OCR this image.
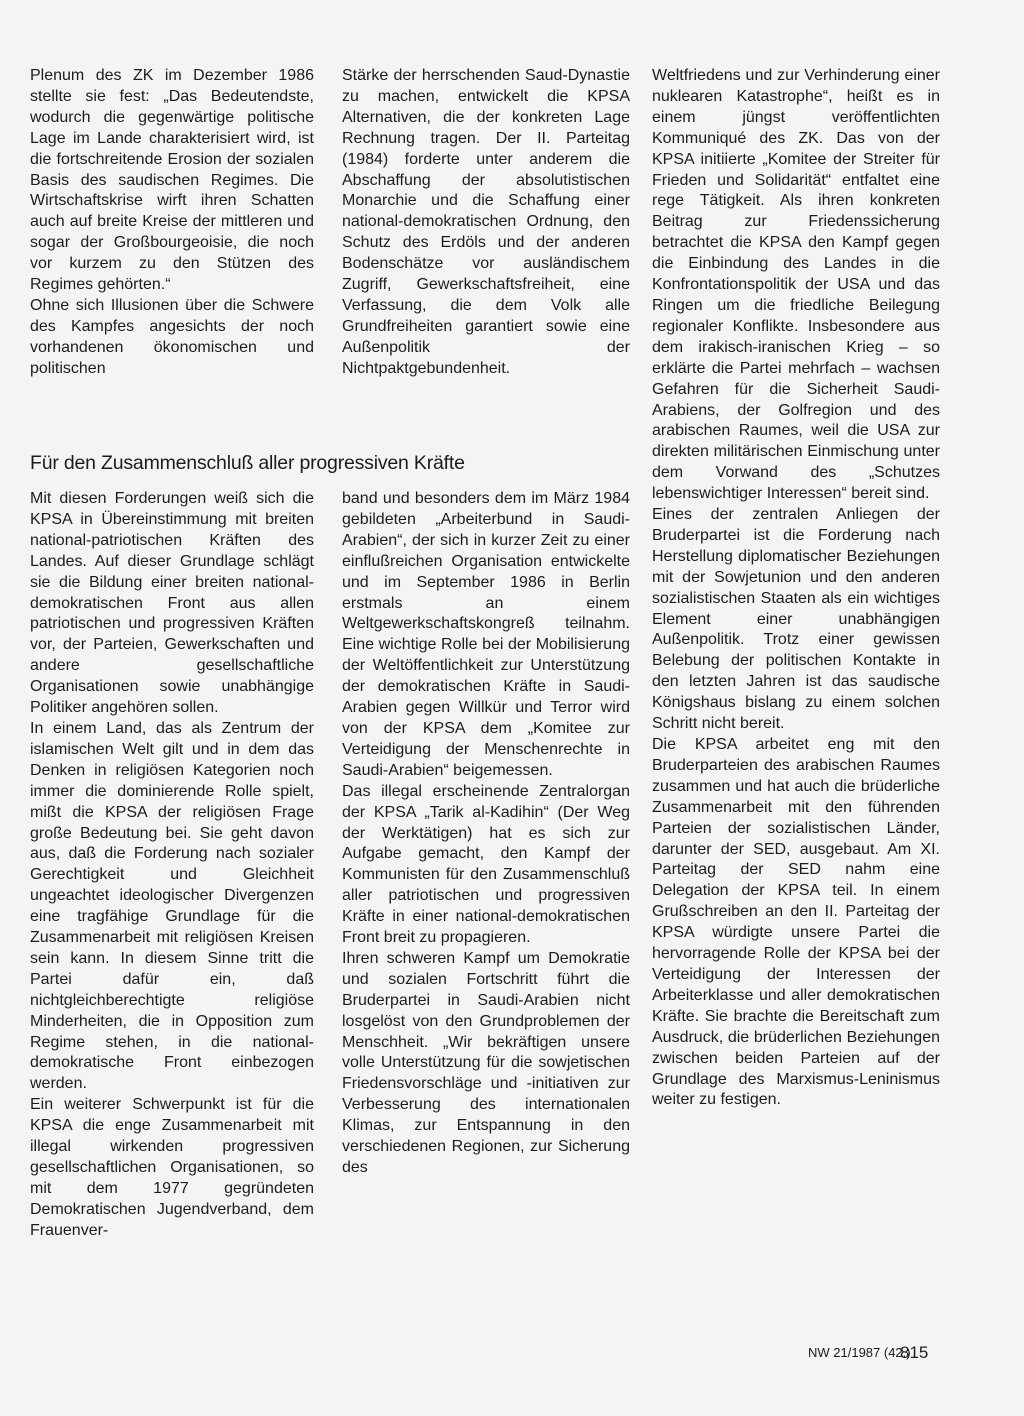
Plenum des ZK im Dezember 1986 stellte sie fest: „Das Bedeutendste, wodurch die gegenwärtige politische Lage im Lande charakterisiert wird, ist die fortschreitende Erosion der sozialen Basis des saudischen Regimes. Die Wirtschaftskrise wirft ihren Schatten auch auf breite Kreise der mittleren und sogar der Großbourgeoisie, die noch vor kurzem zu den Stützen des Regimes gehörten.“

Ohne sich Illusionen über die Schwere des Kampfes angesichts der noch vorhandenen ökonomischen und politischen

Stärke der herrschenden Saud-Dynastie zu machen, entwickelt die KPSA Alternativen, die der konkreten Lage Rechnung tragen. Der II. Parteitag (1984) forderte unter anderem die Abschaffung der absolutistischen Monarchie und die Schaffung einer national-demokratischen Ordnung, den Schutz des Erdöls und der anderen Bodenschätze vor ausländischem Zugriff, Gewerkschaftsfreiheit, eine Verfassung, die dem Volk alle Grundfreiheiten garantiert sowie eine Außenpolitik der Nichtpaktgebundenheit.

Für den Zusammenschluß aller progressiven Kräfte

Mit diesen Forderungen weiß sich die KPSA in Übereinstimmung mit breiten national-patriotischen Kräften des Landes. Auf dieser Grundlage schlägt sie die Bildung einer breiten national-demokratischen Front aus allen patriotischen und progressiven Kräften vor, der Parteien, Gewerkschaften und andere gesellschaftliche Organisationen sowie unabhängige Politiker angehören sollen.

In einem Land, das als Zentrum der islamischen Welt gilt und in dem das Denken in religiösen Kategorien noch immer die dominierende Rolle spielt, mißt die KPSA der religiösen Frage große Bedeutung bei. Sie geht davon aus, daß die Forderung nach sozialer Gerechtigkeit und Gleichheit ungeachtet ideologischer Divergenzen eine tragfähige Grundlage für die Zusammenarbeit mit religiösen Kreisen sein kann. In diesem Sinne tritt die Partei dafür ein, daß nichtgleichberechtigte religiöse Minderheiten, die in Opposition zum Regime stehen, in die national-demokratische Front einbezogen werden.

Ein weiterer Schwerpunkt ist für die KPSA die enge Zusammenarbeit mit illegal wirkenden progressiven gesellschaftlichen Organisationen, so mit dem 1977 gegründeten Demokratischen Jugendverband, dem Frauenver-

band und besonders dem im März 1984 gebildeten „Arbeiterbund in Saudi-Arabien“, der sich in kurzer Zeit zu einer einflußreichen Organisation entwickelte und im September 1986 in Berlin erstmals an einem Weltgewerkschaftskongreß teilnahm. Eine wichtige Rolle bei der Mobilisierung der Weltöffentlichkeit zur Unterstützung der demokratischen Kräfte in Saudi-Arabien gegen Willkür und Terror wird von der KPSA dem „Komitee zur Verteidigung der Menschenrechte in Saudi-Arabien“ beigemessen.

Das illegal erscheinende Zentralorgan der KPSA „Tarik al-Kadihin“ (Der Weg der Werktätigen) hat es sich zur Aufgabe gemacht, den Kampf der Kommunisten für den Zusammenschluß aller patriotischen und progressiven Kräfte in einer national-demokratischen Front breit zu propagieren.

Ihren schweren Kampf um Demokratie und sozialen Fortschritt führt die Bruderpartei in Saudi-Arabien nicht losgelöst von den Grundproblemen der Menschheit. „Wir bekräftigen unsere volle Unterstützung für die sowjetischen Friedensvorschläge und -initiativen zur Verbesserung des internationalen Klimas, zur Entspannung in den verschiedenen Regionen, zur Sicherung des

Weltfriedens und zur Verhinderung einer nuklearen Katastrophe“, heißt es in einem jüngst veröffentlichten Kommuniqué des ZK. Das von der KPSA initiierte „Komitee der Streiter für Frieden und Solidarität“ entfaltet eine rege Tätigkeit. Als ihren konkreten Beitrag zur Friedenssicherung betrachtet die KPSA den Kampf gegen die Einbindung des Landes in die Konfrontationspolitik der USA und das Ringen um die friedliche Beilegung regionaler Konflikte. Insbesondere aus dem irakisch-iranischen Krieg – so erklärte die Partei mehrfach – wachsen Gefahren für die Sicherheit Saudi-Arabiens, der Golfregion und des arabischen Raumes, weil die USA zur direkten militärischen Einmischung unter dem Vorwand des „Schutzes lebenswichtiger Interessen“ bereit sind.

Eines der zentralen Anliegen der Bruderpartei ist die Forderung nach Herstellung diplomatischer Beziehungen mit der Sowjetunion und den anderen sozialistischen Staaten als ein wichtiges Element einer unabhängigen Außenpolitik. Trotz einer gewissen Belebung der politischen Kontakte in den letzten Jahren ist das saudische Königshaus bislang zu einem solchen Schritt nicht bereit.

Die KPSA arbeitet eng mit den Bruderparteien des arabischen Raumes zusammen und hat auch die brüderliche Zusammenarbeit mit den führenden Parteien der sozialistischen Länder, darunter der SED, ausgebaut. Am XI. Parteitag der SED nahm eine Delegation der KPSA teil. In einem Grußschreiben an den II. Parteitag der KPSA würdigte unsere Partei die hervorragende Rolle der KPSA bei der Verteidigung der Interessen der Arbeiterklasse und aller demokratischen Kräfte. Sie brachte die Bereitschaft zum Ausdruck, die brüderlichen Beziehungen zwischen beiden Parteien auf der Grundlage des Marxismus-Leninismus weiter zu festigen.

NW 21/1987 (42.)
815
